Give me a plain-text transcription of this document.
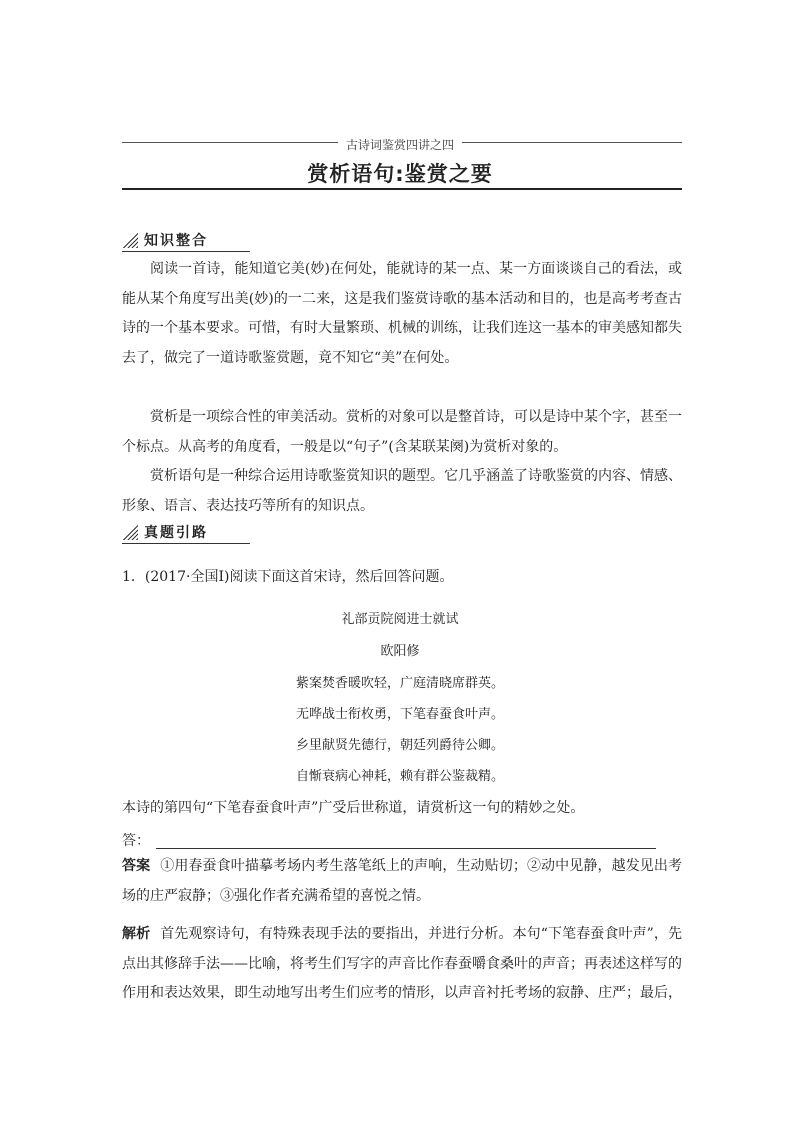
古诗词鉴赏四讲之四
赏析语句:鉴赏之要
知识整合

阅读一首诗，能知道它美(妙)在何处，能就诗的某一点、某一方面谈谈自己的看法，或能从某个角度写出美(妙)的一二来，这是我们鉴赏诗歌的基本活动和目的，也是高考考查古诗的一个基本要求。可惜，有时大量繁琐、机械的训练，让我们连这一基本的审美感知都失去了，做完了一道诗歌鉴赏题，竟不知它“美”在何处。

赏析是一项综合性的审美活动。赏析的对象可以是整首诗，可以是诗中某个字，甚至一个标点。从高考的角度看，一般是以“句子”(含某联某阕)为赏析对象的。

赏析语句是一种综合运用诗歌鉴赏知识的题型。它几乎涵盖了诗歌鉴赏的内容、情感、形象、语言、表达技巧等所有的知识点。

真题引路
1．(2017·全国Ⅰ)阅读下面这首宋诗，然后回答问题。
礼部贡院阅进士就试
欧阳修
紫案焚香暖吹轻，广庭清晓席群英。
无哗战士衔枚勇，下笔春蚕食叶声。
乡里献贤先德行，朝廷列爵待公卿。
自惭衰病心神耗，赖有群公鉴裁精。
本诗的第四句“下笔春蚕食叶声”广受后世称道，请赏析这一句的精妙之处。
答：
答案 ①用春蚕食叶描摹考场内考生落笔纸上的声响，生动贴切；②动中见静，越发见出考场的庄严寂静；③强化作者充满希望的喜悦之情。
解析 首先观察诗句，有特殊表现手法的要指出，并进行分析。本句“下笔春蚕食叶声”，先点出其修辞手法——比喻，将考生们写字的声音比作春蚕嚼食桑叶的声音；再表述这样写的作用和表达效果，即生动地写出考生们应考的情形，以声音衬托考场的寂静、庄严；最后，
